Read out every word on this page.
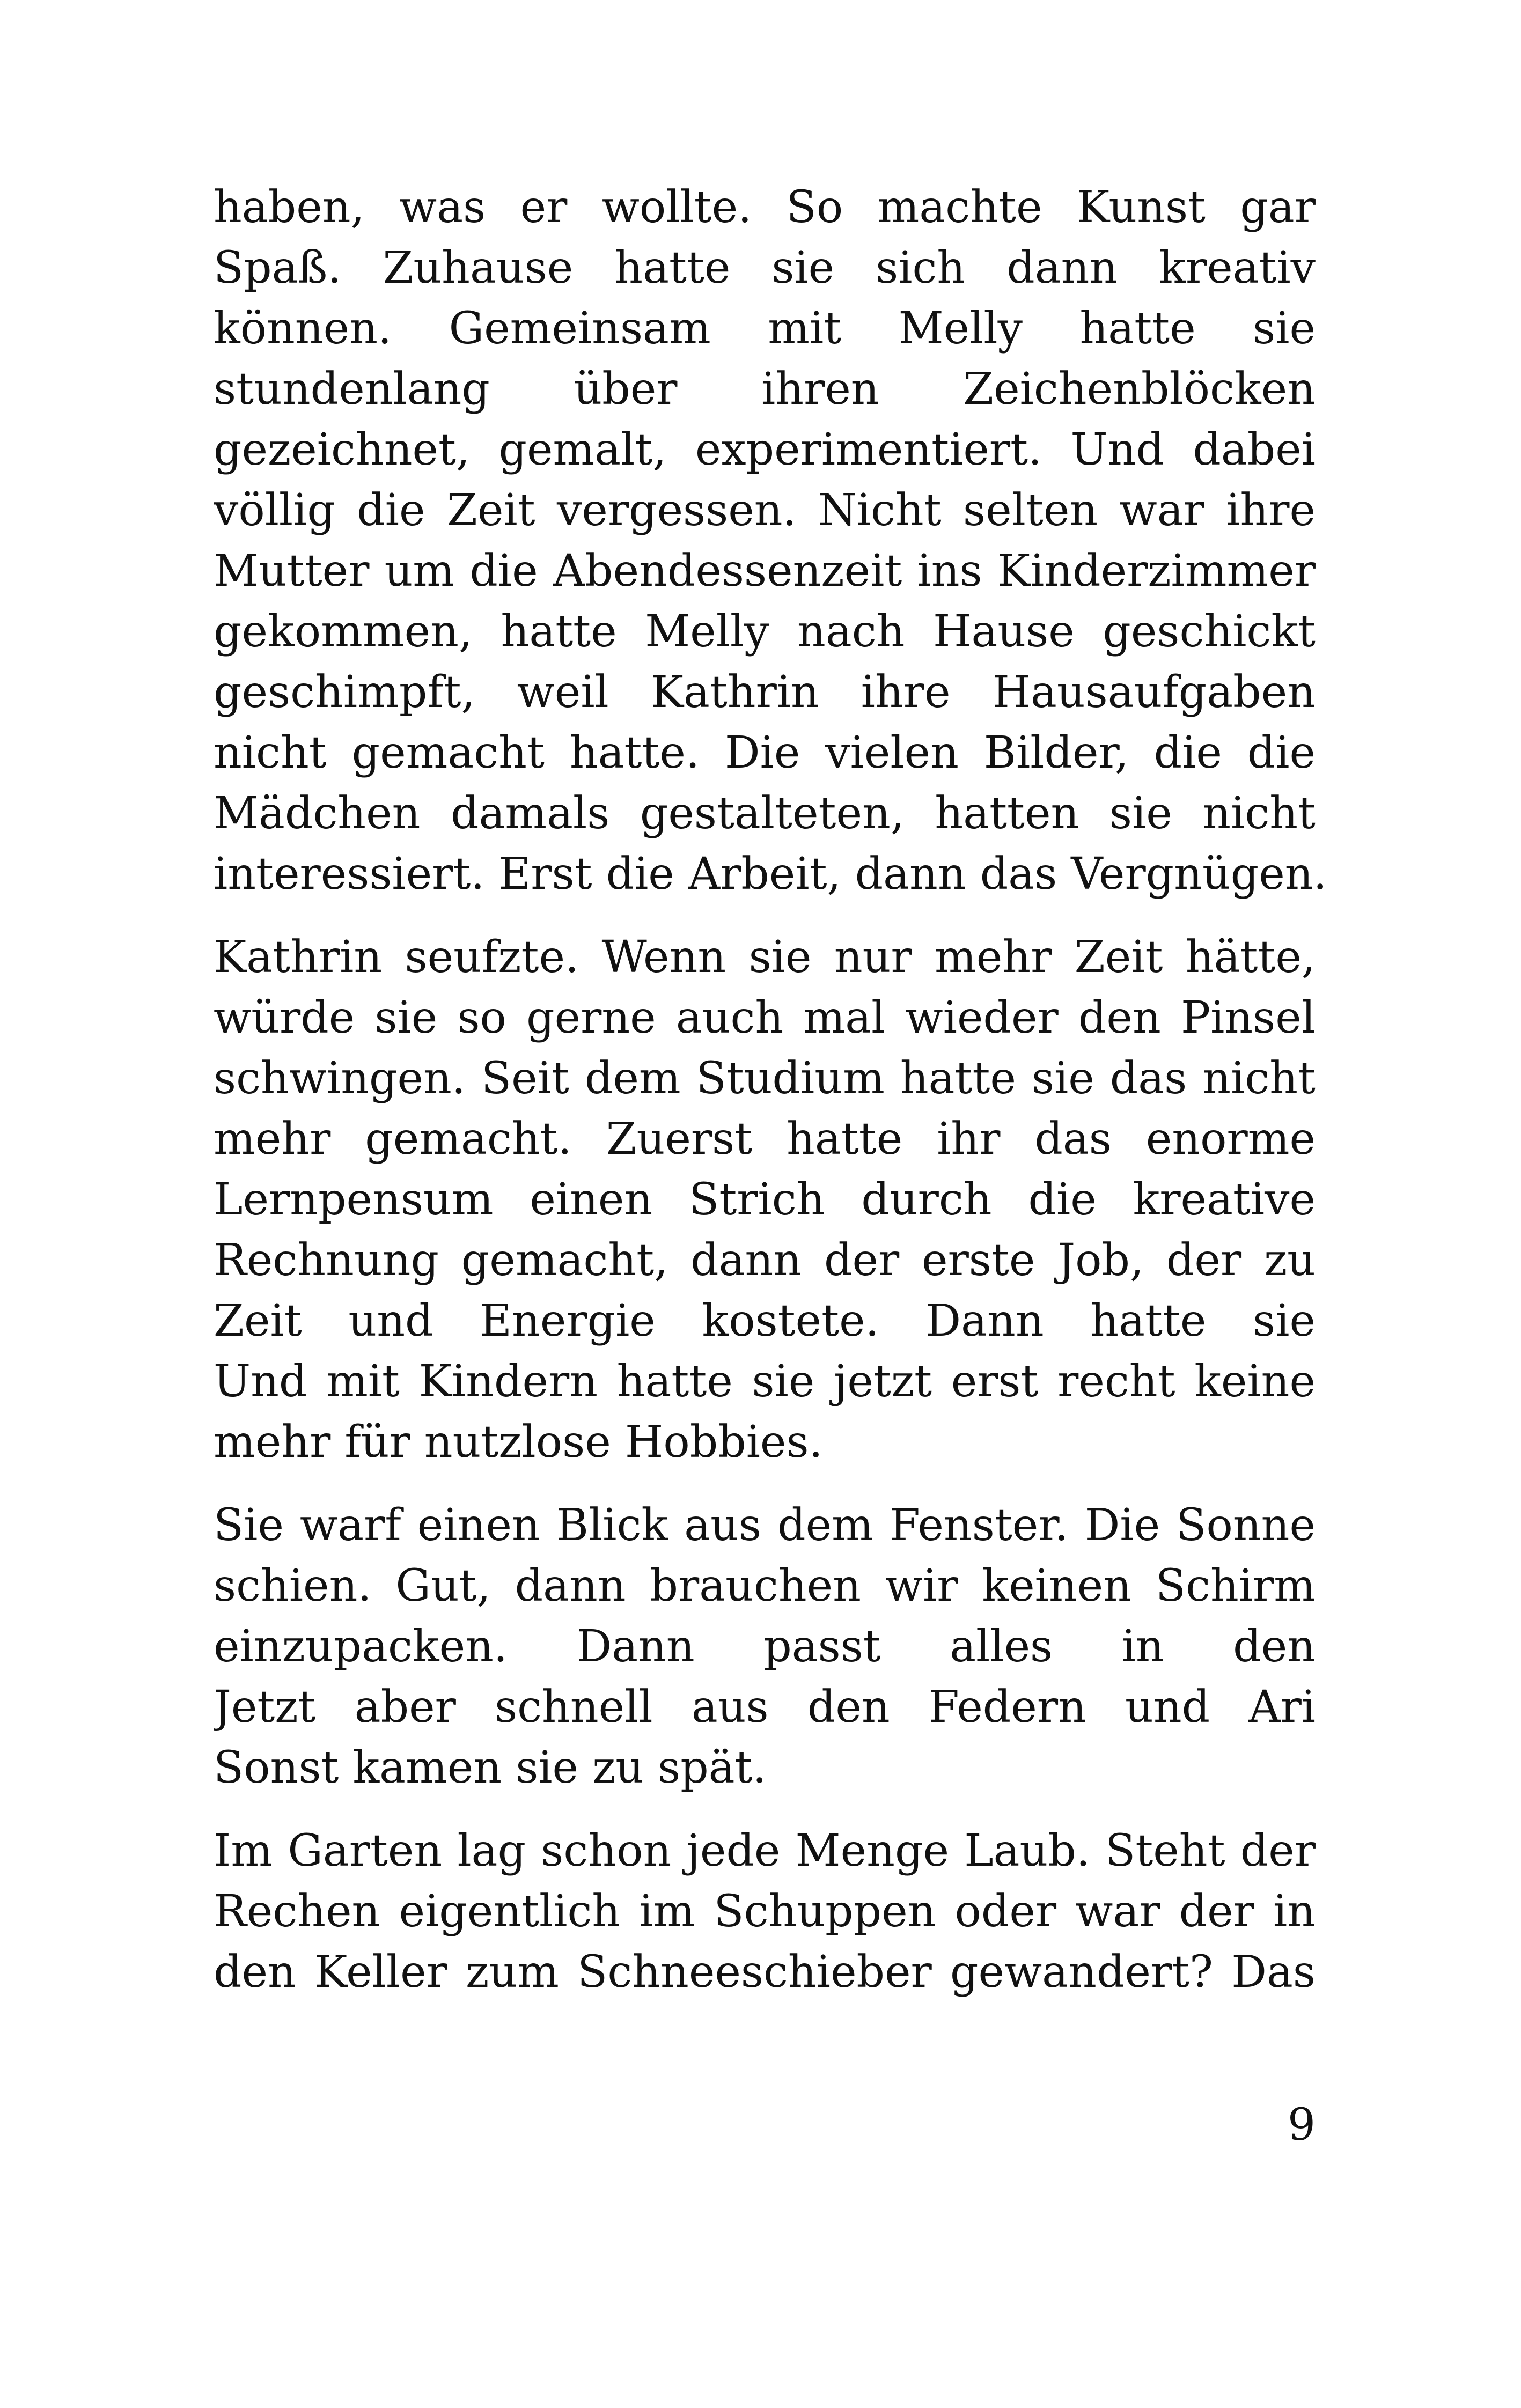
haben, was er wollte. So machte Kunst gar
Spaß. Zuhause hatte sie sich dann kreativ
können. Gemeinsam mit Melly hatte sie
stundenlang über ihren Zeichenblöcken
gezeichnet, gemalt, experimentiert. Und dabei
völlig die Zeit vergessen. Nicht selten war ihre
Mutter um die Abendessenzeit ins Kinderzimmer
gekommen, hatte Melly nach Hause geschickt
geschimpft, weil Kathrin ihre Hausaufgaben
nicht gemacht hatte. Die vielen Bilder, die die
Mädchen damals gestalteten, hatten sie nicht
interessiert. Erst die Arbeit, dann das Vergnügen.

Kathrin seufzte. Wenn sie nur mehr Zeit hätte,
würde sie so gerne auch mal wieder den Pinsel
schwingen. Seit dem Studium hatte sie das nicht
mehr gemacht. Zuerst hatte ihr das enorme
Lernpensum einen Strich durch die kreative
Rechnung gemacht, dann der erste Job, der zu
Zeit und Energie kostete. Dann hatte sie
Und mit Kindern hatte sie jetzt erst recht keine
mehr für nutzlose Hobbies.

Sie warf einen Blick aus dem Fenster. Die Sonne
schien. Gut, dann brauchen wir keinen Schirm
einzupacken. Dann passt alles in den
Jetzt aber schnell aus den Federn und Ari
Sonst kamen sie zu spät.

Im Garten lag schon jede Menge Laub. Steht der
Rechen eigentlich im Schuppen oder war der in
den Keller zum Schneeschieber gewandert? Das

9
